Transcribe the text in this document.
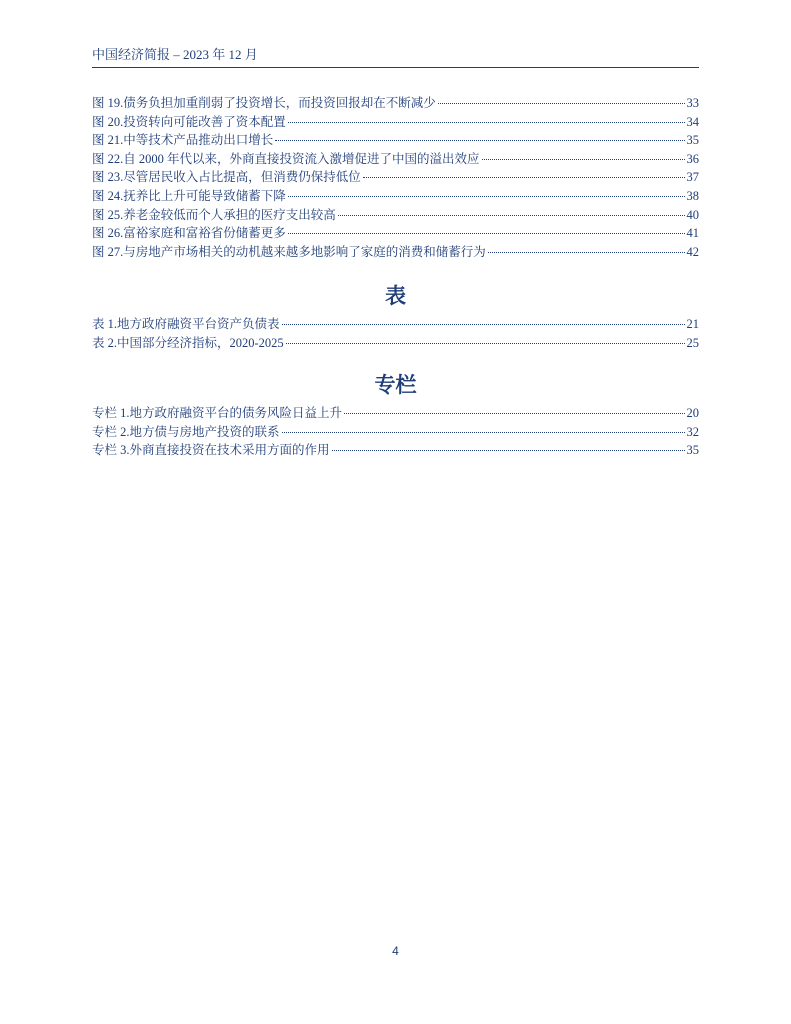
中国经济简报 – 2023 年 12 月
图 19. 债务负担加重削弱了投资增长，而投资回报却在不断减少	33
图 20. 投资转向可能改善了资本配置	34
图 21. 中等技术产品推动出口增长	35
图 22. 自 2000 年代以来，外商直接投资流入激增促进了中国的溢出效应	36
图 23. 尽管居民收入占比提高，但消费仍保持低位	37
图 24. 抚养比上升可能导致储蓄下降	38
图 25. 养老金较低而个人承担的医疗支出较高	40
图 26. 富裕家庭和富裕省份储蓄更多	41
图 27. 与房地产市场相关的动机越来越多地影响了家庭的消费和储蓄行为	42
表
表 1. 地方政府融资平台资产负债表	21
表 2. 中国部分经济指标，2020-2025	25
专栏
专栏 1. 地方政府融资平台的债务风险日益上升	20
专栏 2. 地方债与房地产投资的联系	32
专栏 3. 外商直接投资在技术采用方面的作用	35
4
